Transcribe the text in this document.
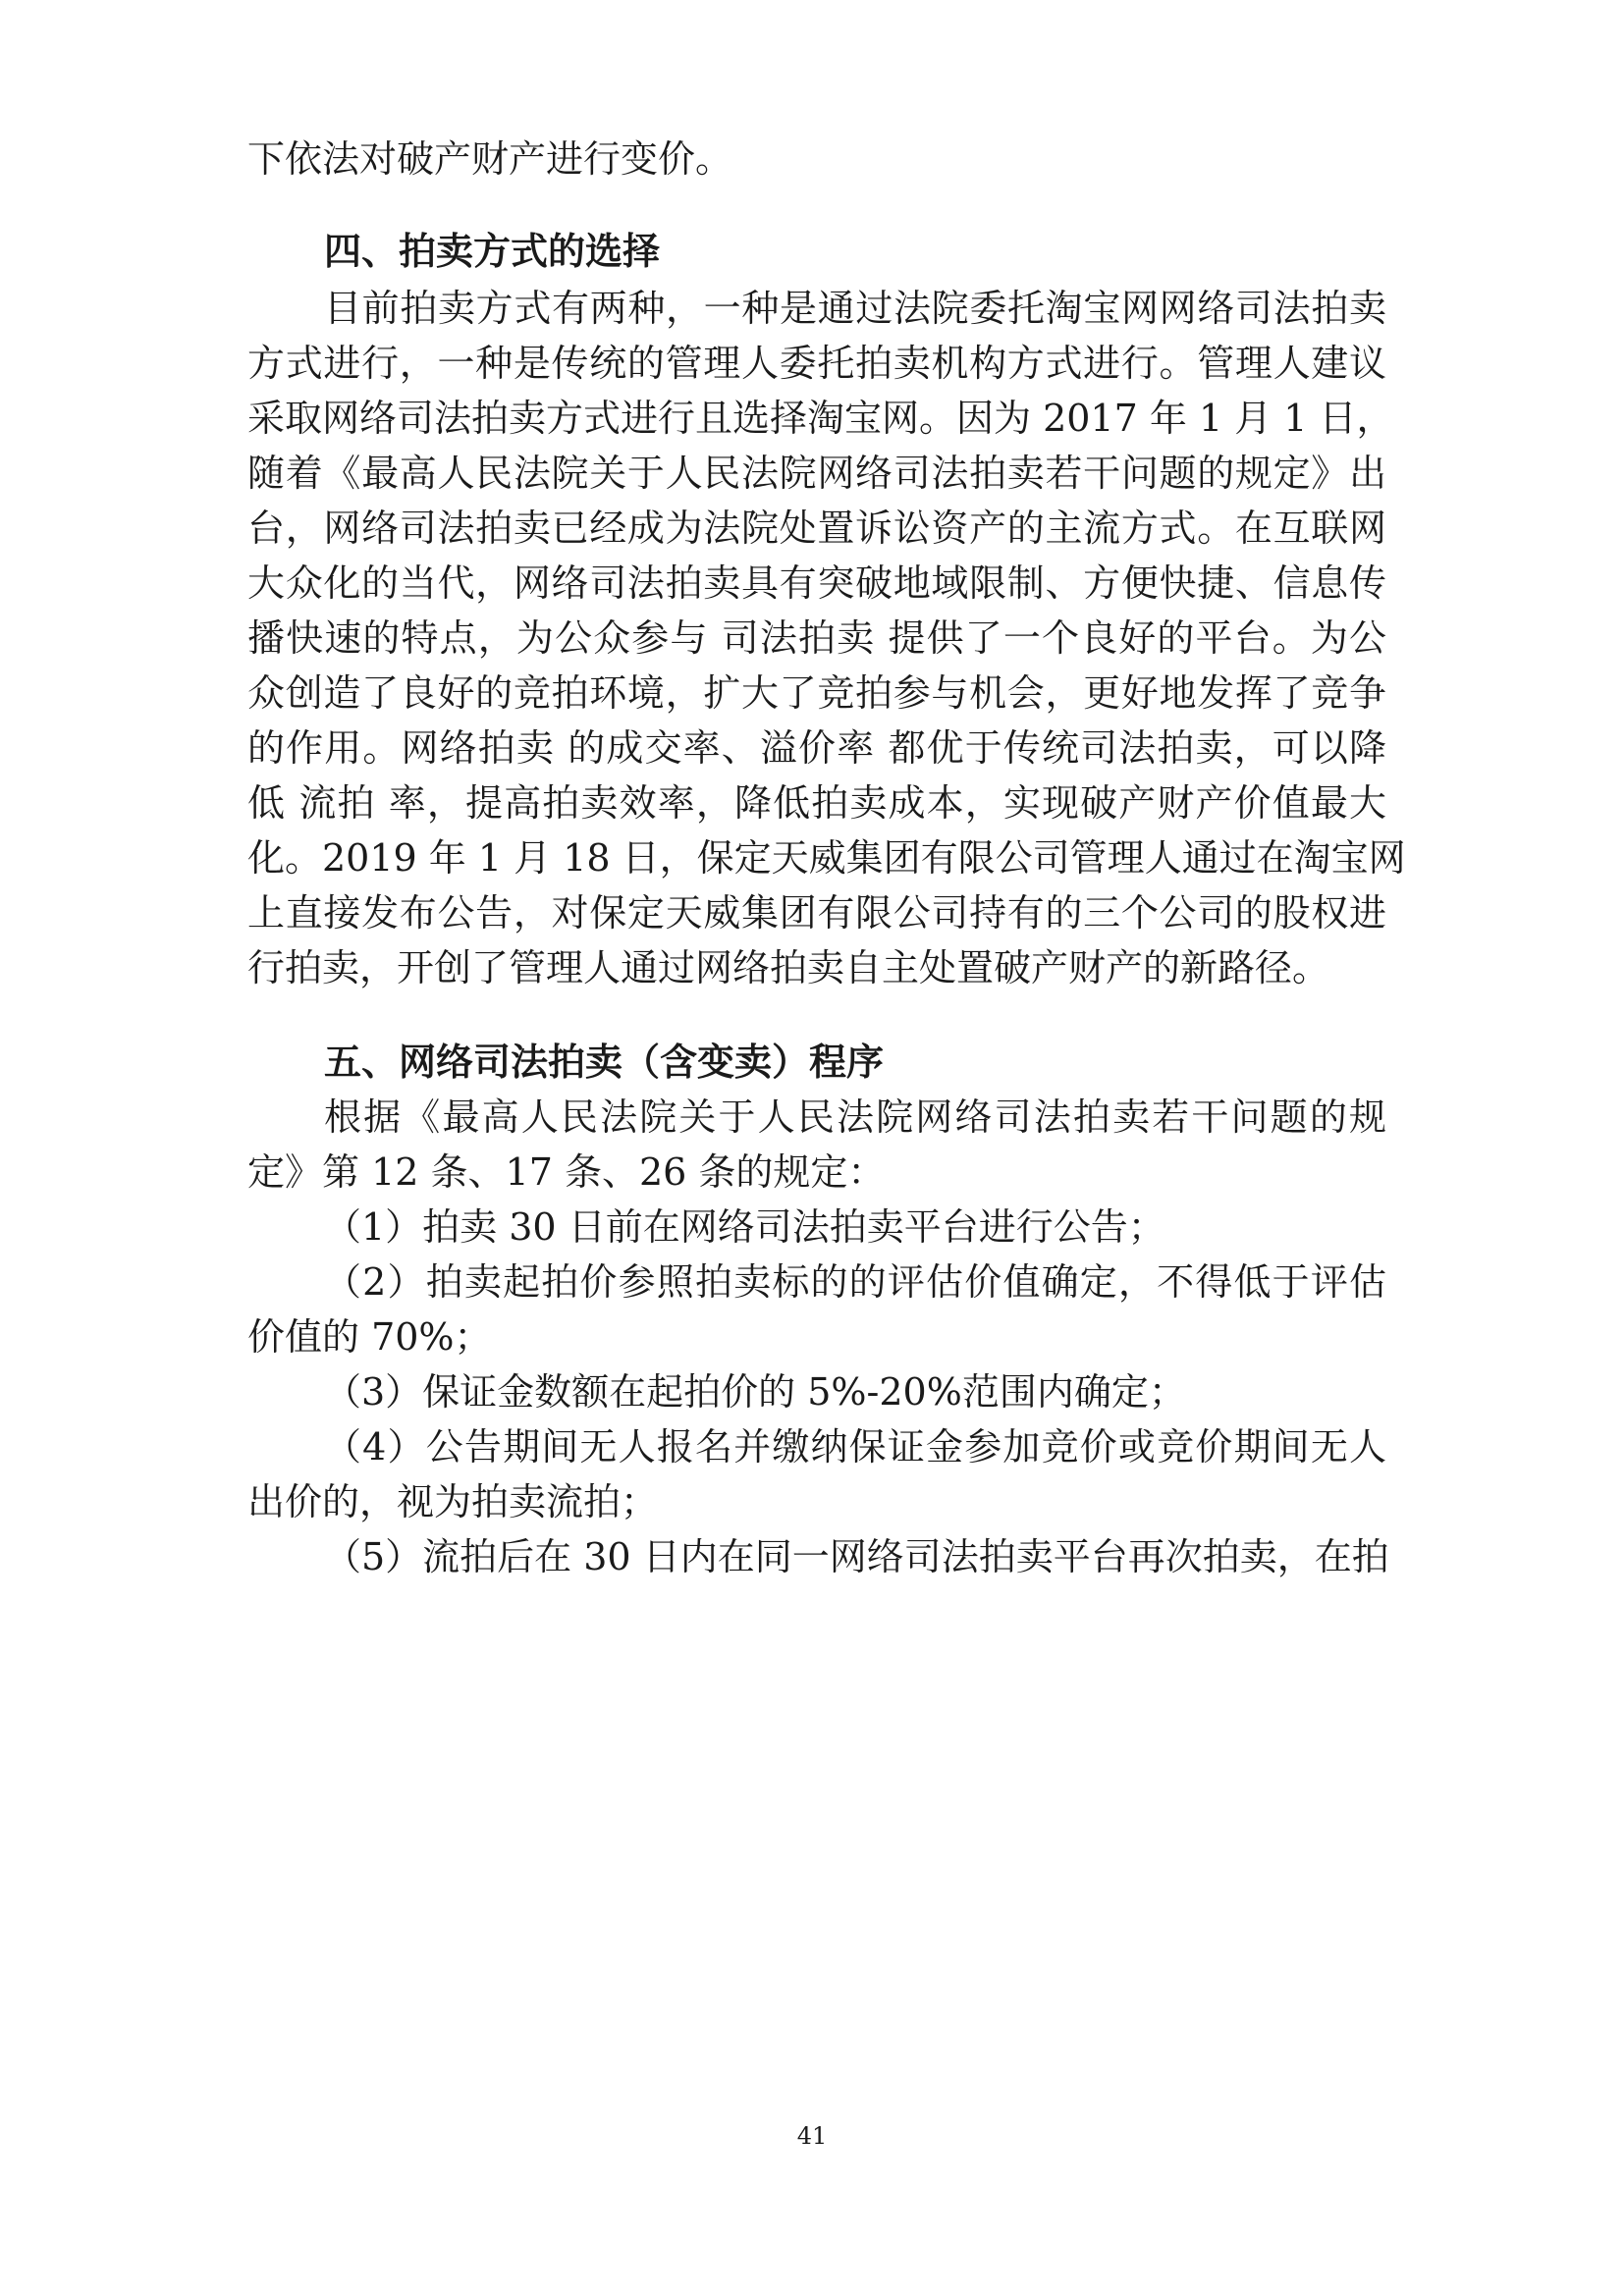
下依法对破产财产进行变价。
四、拍卖方式的选择
目前拍卖方式有两种，一种是通过法院委托淘宝网网络司法拍卖
方式进行，一种是传统的管理人委托拍卖机构方式进行。管理人建议
采取网络司法拍卖方式进行且选择淘宝网。因为 2017 年 1 月 1 日，
随着《最高人民法院关于人民法院网络司法拍卖若干问题的规定》出
台，网络司法拍卖已经成为法院处置诉讼资产的主流方式。在互联网
大众化的当代，网络司法拍卖具有突破地域限制、方便快捷、信息传
播快速的特点，为公众参与 司法拍卖 提供了一个良好的平台。为公
众创造了良好的竞拍环境，扩大了竞拍参与机会，更好地发挥了竞争
的作用。网络拍卖 的成交率、溢价率 都优于传统司法拍卖，可以降
低 流拍 率，提高拍卖效率，降低拍卖成本，实现破产财产价值最大
化。2019 年 1 月 18 日，保定天威集团有限公司管理人通过在淘宝网
上直接发布公告，对保定天威集团有限公司持有的三个公司的股权进
行拍卖，开创了管理人通过网络拍卖自主处置破产财产的新路径。
五、网络司法拍卖（含变卖）程序
根据《最高人民法院关于人民法院网络司法拍卖若干问题的规
定》第 12 条、17 条、26 条的规定：
（1）拍卖 30 日前在网络司法拍卖平台进行公告；
（2）拍卖起拍价参照拍卖标的的评估价值确定，不得低于评估
价值的 70%；
（3）保证金数额在起拍价的 5%-20%范围内确定；
（4）公告期间无人报名并缴纳保证金参加竞价或竞价期间无人
出价的，视为拍卖流拍；
（5）流拍后在 30 日内在同一网络司法拍卖平台再次拍卖，在拍
41
